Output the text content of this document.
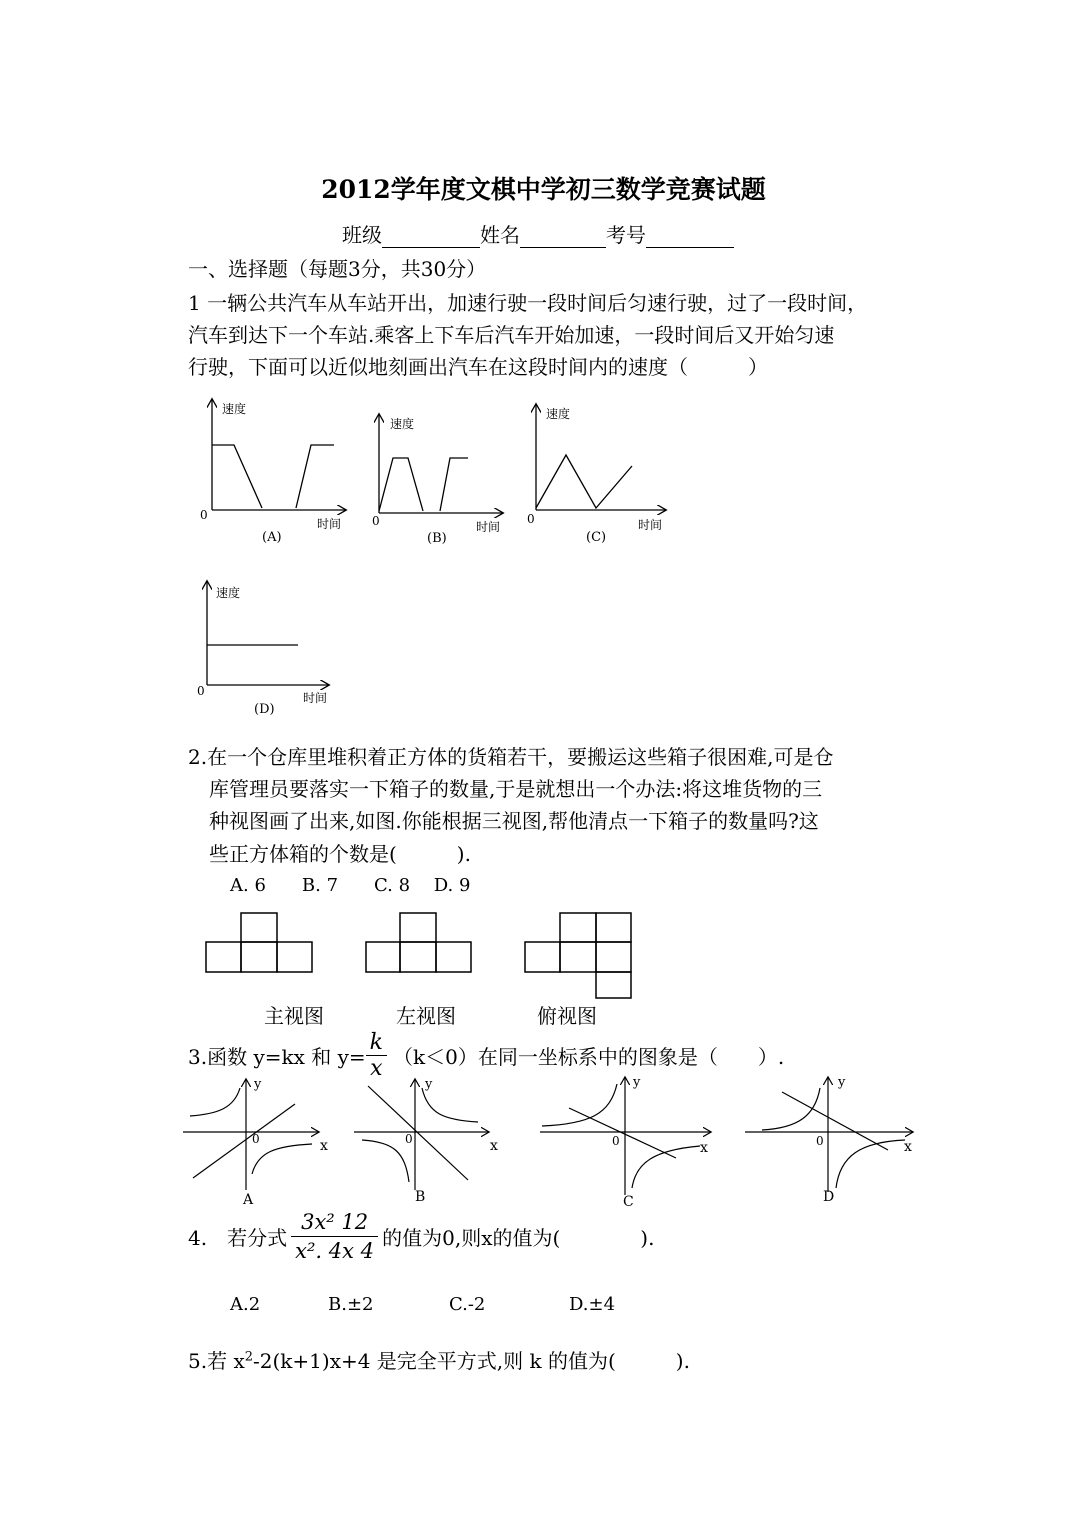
2012学年度文棋中学初三数学竞赛试题
班级	姓名	考号
一、选择题（每题3分，共30分）
1 一辆公共汽车从车站开出，加速行驶一段时间后匀速行驶，过了一段时间，
汽车到达下一个车站.乘客上下车后汽车开始加速，一段时间后又开始匀速
行驶，下面可以近似地刻画出汽车在这段时间内的速度（　　　）
速度
0
时间
(A)
速度
0	时间
(B)
速度
0	时间
(C)
速度
0	时间
(D)
2.在一个仓库里堆积着正方体的货箱若干，要搬运这些箱子很困难,可是仓
库管理员要落实一下箱子的数量,于是就想出一个办法:将这堆货物的三
种视图画了出来,如图.你能根据三视图,帮他清点一下箱子的数量吗?这
些正方体箱的个数是(　　　).
A. 6　　B. 7　　C. 8　 D. 9
主视图	左视图	俯视图
3.函数 y=kx 和 $y= \frac{k}{x} (k<0)$在同一坐标系中的图象是（　　）.
y
0	x
A
y
0	x
B
y
0	x
C
y
0	x
D
4.　若分式 $\frac{\text{3x² 12}}{\text{x². 4x 4}}$ 的值为0,则x的值为(　　　　).
A.2	B.±2	C.-2	D.±4
5.若 $x^2-2(k+1)x+4$ 是完全平方式,则 k 的值为(　　　).
